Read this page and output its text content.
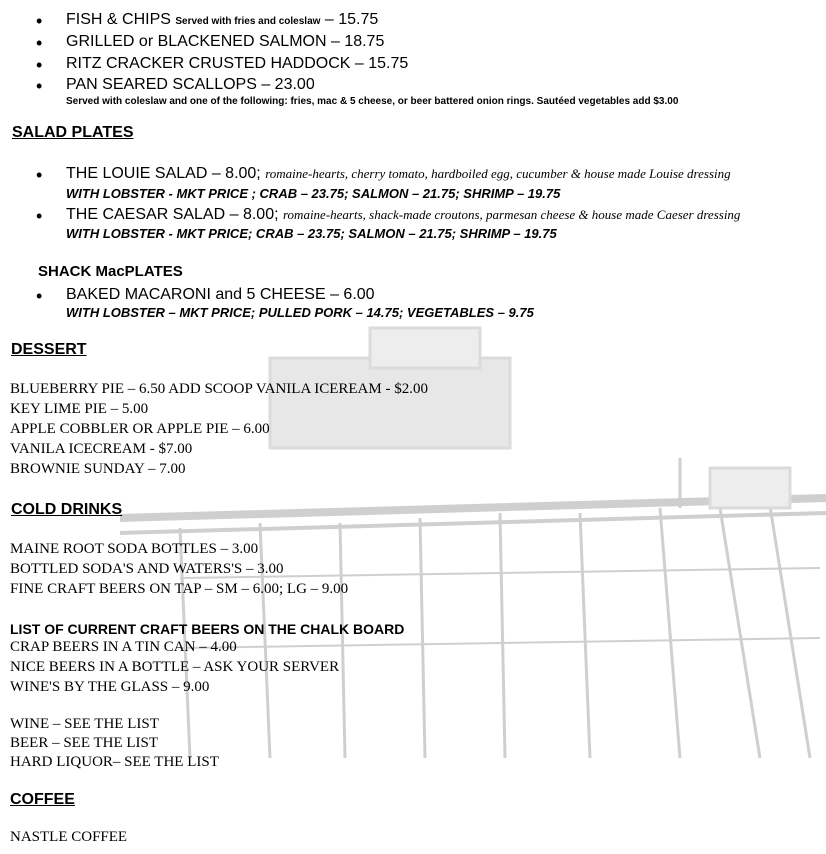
• FISH & CHIPS Served with fries and coleslaw – 15.75
• GRILLED or BLACKENED SALMON – 18.75
• RITZ CRACKER CRUSTED HADDOCK – 15.75
• PAN SEARED SCALLOPS – 23.00
Served with coleslaw and one of the following: fries, mac & 5 cheese, or beer battered onion rings. Sautéed vegetables add $3.00
SALAD PLATES
• THE LOUIE SALAD – 8.00; romaine-hearts, cherry tomato, hardboiled egg, cucumber & house made Louise dressing
WITH LOBSTER - MKT PRICE ; CRAB – 23.75; SALMON – 21.75; SHRIMP – 19.75
• THE CAESAR SALAD – 8.00; romaine-hearts, shack-made croutons, parmesan cheese & house made Caeser dressing
WITH LOBSTER - MKT PRICE; CRAB – 23.75; SALMON – 21.75; SHRIMP – 19.75
SHACK MacPLATES
• BAKED MACARONI and 5 CHEESE – 6.00
WITH LOBSTER – MKT PRICE; PULLED PORK – 14.75; VEGETABLES – 9.75
DESSERT
BLUEBERRY PIE – 6.50 ADD SCOOP VANILA ICEREAM - $2.00
KEY LIME PIE – 5.00
APPLE COBBLER OR APPLE PIE – 6.00
VANILA ICECREAM - $7.00
BROWNIE SUNDAY – 7.00
COLD DRINKS
MAINE ROOT SODA BOTTLES – 3.00
BOTTLED SODA'S AND WATERS'S – 3.00
FINE CRAFT BEERS ON TAP – SM – 6.00; LG – 9.00
LIST OF CURRENT CRAFT BEERS ON THE CHALK BOARD
CRAP BEERS IN A TIN CAN – 4.00
NICE BEERS IN A BOTTLE – ASK YOUR SERVER
WINE'S BY THE GLASS – 9.00
WINE – SEE THE LIST
BEER – SEE THE LIST
HARD LIQUOR– SEE THE LIST
COFFEE
NASTLE COFFEE
